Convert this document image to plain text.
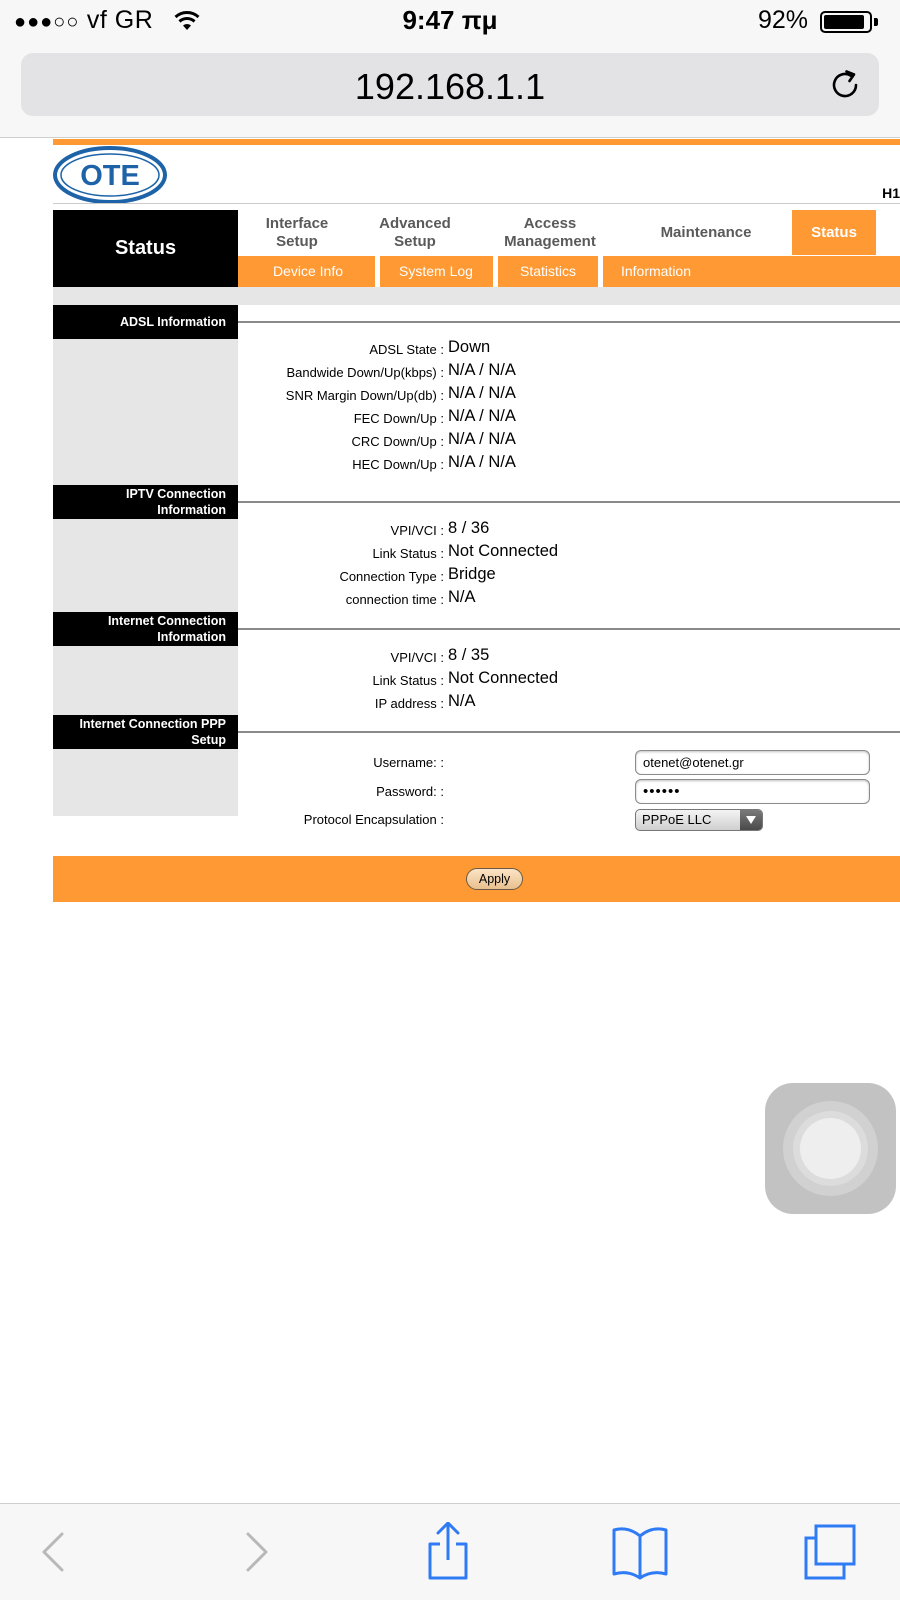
●●●○○ vf GR	9:47 πμ	92%
192.168.1.1
OTE
H1
Status
Interface
Setup
Advanced
Setup
Access
Management
Maintenance	Status
Device Info	System Log	Statistics	Information
ADSL Information
ADSL State : Down
Bandwide Down/Up(kbps) : N/A / N/A
SNR Margin Down/Up(db) : N/A / N/A
FEC Down/Up : N/A / N/A
CRC Down/Up : N/A / N/A
HEC Down/Up : N/A / N/A
IPTV Connection
Information
VPI/VCI : 8 / 36
Link Status : Not Connected
Connection Type : Bridge
connection time : N/A
Internet Connection
Information
VPI/VCI : 8 / 35
Link Status : Not Connected
IP address : N/A
Internet Connection PPP
Setup
Username: :	otenet@otenet.gr
Password: :	••••••
Protocol Encapsulation :	PPPoE LLC
Apply
